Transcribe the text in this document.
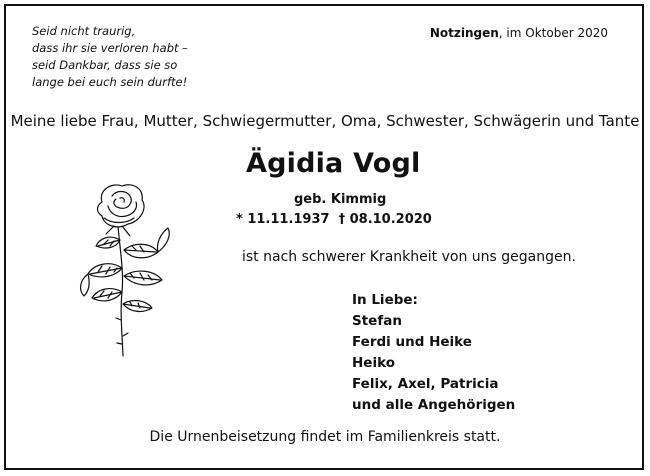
Seid nicht traurig,
dass ihr sie verloren habt –
seid Dankbar, dass sie so
lange bei euch sein durfte!
Notzingen, im Oktober 2020
Meine liebe Frau, Mutter, Schwiegermutter, Oma, Schwester, Schwägerin und Tante
Ägidia Vogl
geb. Kimmig
* 11.11.1937 † 08.10.2020
ist nach schwerer Krankheit von uns gegangen.
In Liebe:
Stefan
Ferdi und Heike
Heiko
Felix, Axel, Patricia
und alle Angehörigen
Die Urnenbeisetzung findet im Familienkreis statt.
